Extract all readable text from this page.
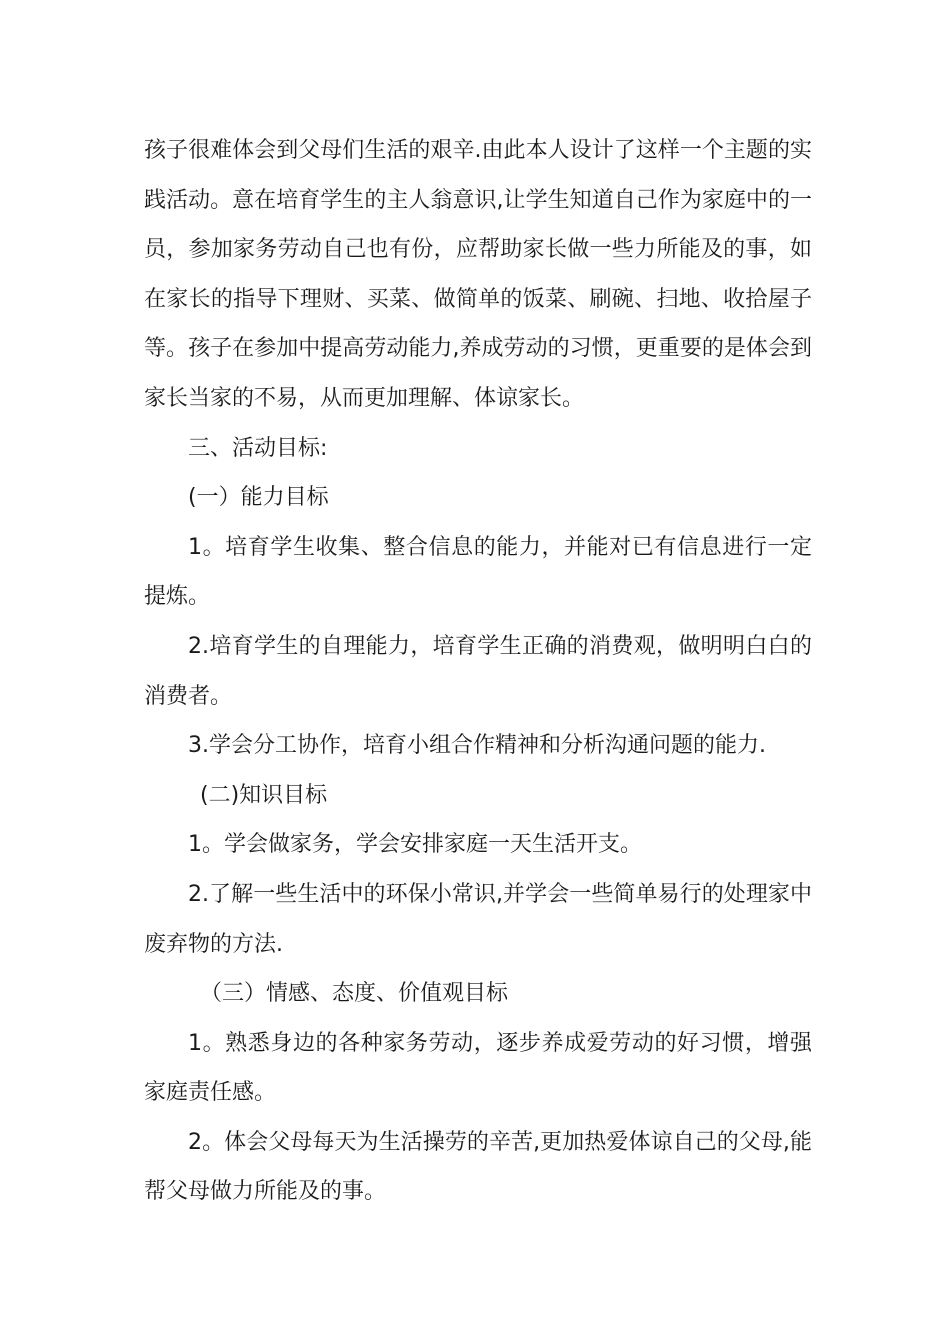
孩子很难体会到父母们生活的艰辛.由此本人设计了这样一个主题的实践活动。意在培育学生的主人翁意识,让学生知道自己作为家庭中的一员，参加家务劳动自己也有份，应帮助家长做一些力所能及的事，如在家长的指导下理财、买菜、做简单的饭菜、刷碗、扫地、收拾屋子等。孩子在参加中提高劳动能力,养成劳动的习惯，更重要的是体会到家长当家的不易，从而更加理解、体谅家长。

三、活动目标:

(一）能力目标

1。培育学生收集、整合信息的能力，并能对已有信息进行一定提炼。

2.培育学生的自理能力，培育学生正确的消费观，做明明白白的消费者。

3.学会分工协作，培育小组合作精神和分析沟通问题的能力.

(二)知识目标

1。学会做家务，学会安排家庭一天生活开支。

2.了解一些生活中的环保小常识,并学会一些简单易行的处理家中废弃物的方法.

（三）情感、态度、价值观目标

1。熟悉身边的各种家务劳动，逐步养成爱劳动的好习惯，增强家庭责任感。

2。体会父母每天为生活操劳的辛苦,更加热爱体谅自己的父母,能帮父母做力所能及的事。
